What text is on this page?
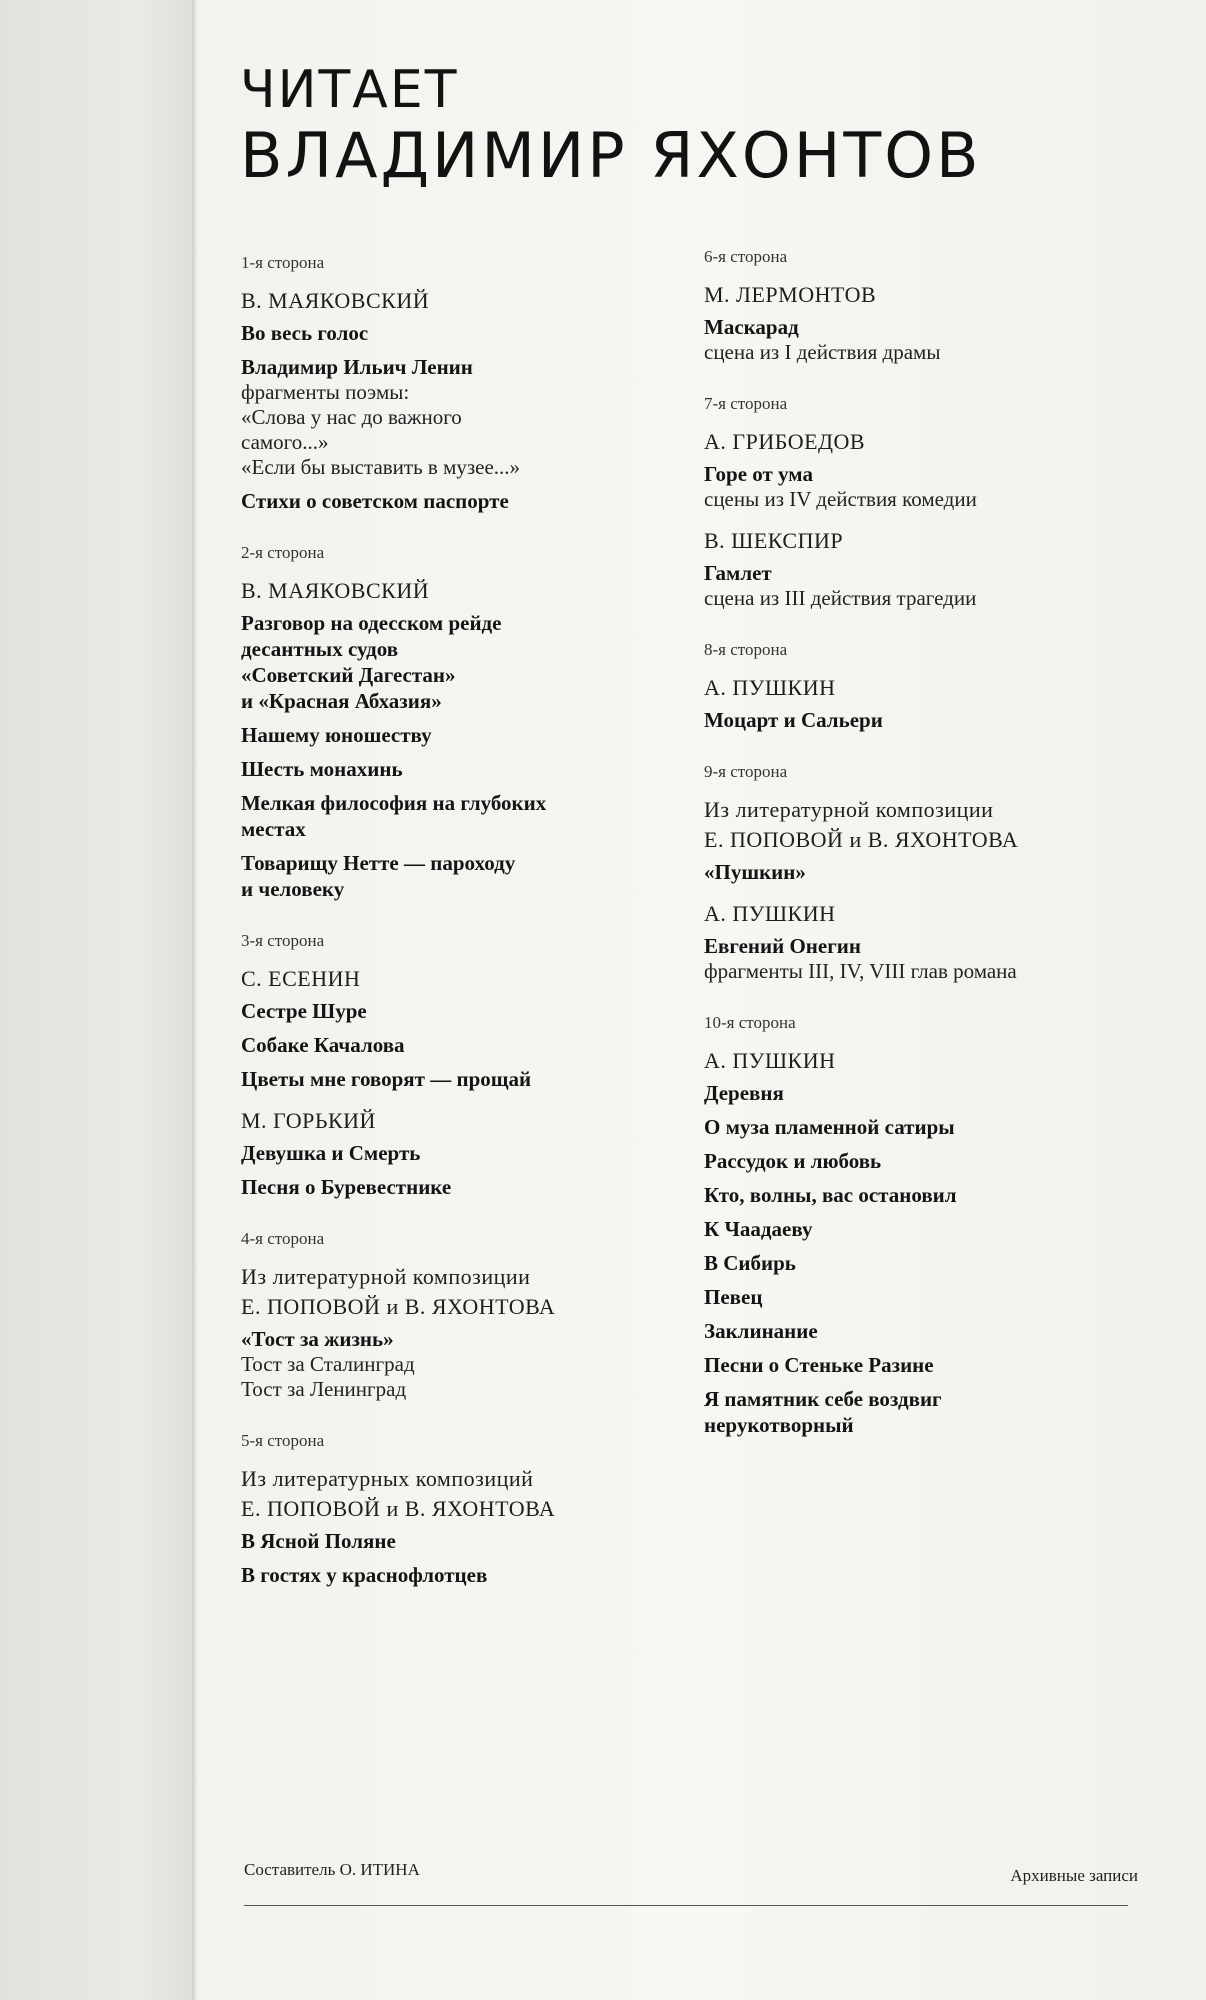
ЧИТАЕТ
ВЛАДИМИР ЯХОНТОВ
1-я сторона
В. МАЯКОВСКИЙ
Во весь голос
Владимир Ильич Ленин
фрагменты поэмы:
«Слова у нас до важного
самого...»
«Если бы выставить в музее...»
Стихи о советском паспорте
2-я сторона
В. МАЯКОВСКИЙ
Разговор на одесском рейде
десантных судов
«Советский Дагестан»
и «Красная Абхазия»
Нашему юношеству
Шесть монахинь
Мелкая философия на глубоких
местах
Товарищу Нетте — пароходу
и человеку
3-я сторона
С. ЕСЕНИН
Сестре Шуре
Собаке Качалова
Цветы мне говорят — прощай
М. ГОРЬКИЙ
Девушка и Смерть
Песня о Буревестнике
4-я сторона
Из литературной композиции
Е. ПОПОВОЙ и В. ЯХОНТОВА
«Тост за жизнь»
Тост за Сталинград
Тост за Ленинград
5-я сторона
Из литературных композиций
Е. ПОПОВОЙ и В. ЯХОНТОВА
В Ясной Поляне
В гостях у краснофлотцев
6-я сторона
М. ЛЕРМОНТОВ
Маскарад
сцена из I действия драмы
7-я сторона
А. ГРИБОЕДОВ
Горе от ума
сцены из IV действия комедии
В. ШЕКСПИР
Гамлет
сцена из III действия трагедии
8-я сторона
А. ПУШКИН
Моцарт и Сальери
9-я сторона
Из литературной композиции
Е. ПОПОВОЙ и В. ЯХОНТОВА
«Пушкин»
А. ПУШКИН
Евгений Онегин
фрагменты III, IV, VIII глав романа
10-я сторона
А. ПУШКИН
Деревня
О муза пламенной сатиры
Рассудок и любовь
Кто, волны, вас остановил
К Чаадаеву
В Сибирь
Певец
Заклинание
Песни о Стеньке Разине
Я памятник себе воздвиг
нерукотворный
Составитель О. ИТИНА	Архивные записи
